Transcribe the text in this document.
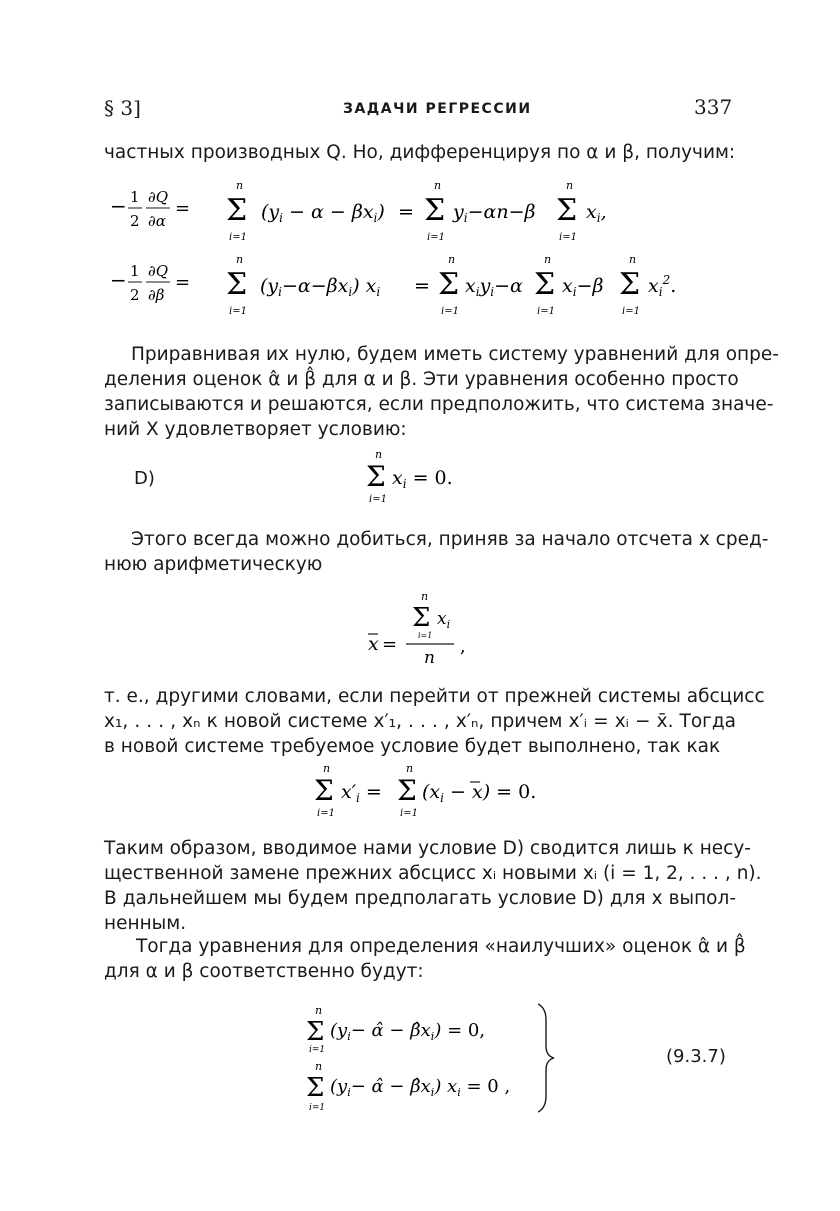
§ 3]	ЗАДАЧИ РЕГРЕССИИ	337
частных производных Q. Но, дифференцируя по α и β, получим:
− 1
2
∂Q
∂α
=
n
Σ
i=1
$(y_i - \alpha - \beta x_i)$ =
n
Σ
i=1
$y_i-\alpha n-\beta$
n
Σ
i=1
$x_i$,
− 1
2
∂Q
∂β
=
n
Σ
i=1
$(y_i-\alpha-\beta x_i) x_i$ =
n
Σ
i=1
$x_iy_i-\alpha$
n
Σ
i=1
$x_i-\beta$
n
Σ
i=1
$x_i^2$.
Приравнивая их нулю, будем иметь систему уравнений для опре-
деления оценок α̂ и β̂ для α и β. Эти уравнения особенно просто
записываются и решаются, если предположить, что система значе-
ний X удовлетворяет условию:
D)
n
Σ
i=1
$x_i = 0$.
Этого всегда можно добиться, приняв за начало отсчета x сред-
нюю арифметическую
n
Σ $x_i$
i=1
x =
n
,
т. е., другими словами, если перейти от прежней системы абсцисс
x₁, . . . , xₙ к новой системе x′₁, . . . , x′ₙ, причем x′ᵢ = xᵢ − x̄. Тогда
в новой системе требуемое условие будет выполнено, так как
n
Σ
i=1
$x'_i$ =
n
Σ
i=1
$(x_i - x) = 0$.
Таким образом, вводимое нами условие D) сводится лишь к несу-
щественной замене прежних абсцисс xᵢ новыми xᵢ (i = 1, 2, . . . , n).
В дальнейшем мы будем предполагать условие D) для x выпол-
ненным.
Тогда уравнения для определения «наилучших» оценок α̂ и β̂
для α и β соответственно будут:
n
Σ
i=1
($y_i-$ α̂ − $\betâx_i) = 0$,
n
Σ
i=1
($y_i-$ α̂ − $\betâx_i$) $x_i = 0$ ,
(9.3.7)
